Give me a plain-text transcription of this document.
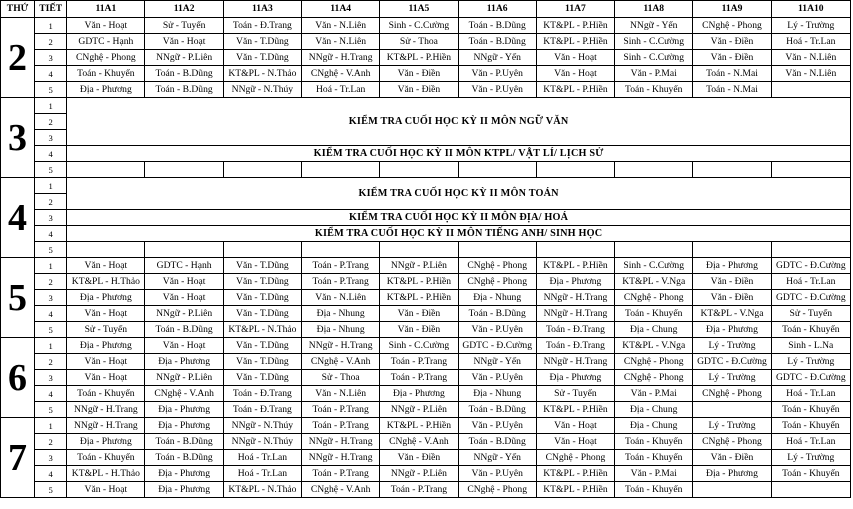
THỨ	TIẾT	11A1	11A2	11A3	11A4	11A5	11A6	11A7	11A8	11A9	11A10
2	1	Văn - Hoạt	Sử - Tuyến	Toán - Đ.Trang	Văn - N.Liên	Sinh - C.Cường	Toán - B.Dũng	KT&PL - P.Hiền	NNgữ - Yến	CNghệ - Phong	Lý - Trường
	2	GDTC - Hạnh	Văn - Hoạt	Văn - T.Dũng	Văn - N.Liên	Sử - Thoa	Toán - B.Dũng	KT&PL - P.Hiền	Sinh - C.Cường	Văn - Điền	Hoá - Tr.Lan
	3	CNghệ - Phong	NNgữ - P.Liên	Văn - T.Dũng	NNgữ - H.Trang	KT&PL - P.Hiền	NNgữ - Yến	Văn - Hoạt	Sinh - C.Cường	Văn - Điền	Văn - N.Liên
	4	Toán - Khuyến	Toán - B.Dũng	KT&PL - N.Thảo	CNghệ - V.Anh	Văn - Điền	Văn - P.Uyên	Văn - Hoạt	Văn - P.Mai	Toán - N.Mai	Văn - N.Liên
	5	Địa - Phương	Toán - B.Dũng	NNgữ - N.Thúy	Hoá - Tr.Lan	Văn - Điền	Văn - P.Uyên	KT&PL - P.Hiền	Toán - Khuyến	Toán - N.Mai	
3	1	KIỂM TRA CUỐI HỌC KỲ II MÔN NGỮ VĂN									
	2										
	3										
	4	KIỂM TRA CUỐI HỌC KỲ II MÔN KTPL/ VẬT LÍ/ LỊCH SỬ									
	5										
4	1	KIỂM TRA CUỐI HỌC KỲ II MÔN TOÁN									
	2										
	3	KIỂM TRA CUỐI HỌC KỲ II MÔN ĐỊA/ HOÁ									
	4	KIỂM TRA CUỐI HỌC KỲ II MÔN TIẾNG ANH/ SINH HỌC									
	5										
5	1	Văn - Hoạt	GDTC - Hạnh	Văn - T.Dũng	Toán - P.Trang	NNgữ - P.Liên	CNghệ - Phong	KT&PL - P.Hiền	Sinh - C.Cường	Địa - Phương	GDTC - Đ.Cường
	2	KT&PL - H.Thảo	Văn - Hoạt	Văn - T.Dũng	Toán - P.Trang	KT&PL - P.Hiền	CNghệ - Phong	Địa - Phương	KT&PL - V.Nga	Văn - Điền	Hoá - Tr.Lan
	3	Địa - Phương	Văn - Hoạt	Văn - T.Dũng	Văn - N.Liên	KT&PL - P.Hiền	Địa - Nhung	NNgữ - H.Trang	CNghệ - Phong	Văn - Điền	GDTC - Đ.Cường
	4	Văn - Hoạt	NNgữ - P.Liên	Văn - T.Dũng	Địa - Nhung	Văn - Điền	Toán - B.Dũng	NNgữ - H.Trang	Toán - Khuyến	KT&PL - V.Nga	Sử - Tuyến
	5	Sử - Tuyến	Toán - B.Dũng	KT&PL - N.Thảo	Địa - Nhung	Văn - Điền	Văn - P.Uyên	Toán - Đ.Trang	Địa - Chung	Địa - Phương	Toán - Khuyến
6	1	Địa - Phương	Văn - Hoạt	Văn - T.Dũng	NNgữ - H.Trang	Sinh - C.Cường	GDTC - Đ.Cường	Toán - Đ.Trang	KT&PL - V.Nga	Lý - Trường	Sinh - L.Na
	2	Văn - Hoạt	Địa - Phương	Văn - T.Dũng	CNghệ - V.Anh	Toán - P.Trang	NNgữ - Yến	NNgữ - H.Trang	CNghệ - Phong	GDTC - Đ.Cường	Lý - Trường
	3	Văn - Hoạt	NNgữ - P.Liên	Văn - T.Dũng	Sử - Thoa	Toán - P.Trang	Văn - P.Uyên	Địa - Phương	CNghệ - Phong	Lý - Trường	GDTC - Đ.Cường
	4	Toán - Khuyến	CNghệ - V.Anh	Toán - Đ.Trang	Văn - N.Liên	Địa - Phương	Địa - Nhung	Sử - Tuyến	Văn - P.Mai	CNghệ - Phong	Hoá - Tr.Lan
	5	NNgữ - H.Trang	Địa - Phương	Toán - Đ.Trang	Toán - P.Trang	NNgữ - P.Liên	Toán - B.Dũng	KT&PL - P.Hiền	Địa - Chung		Toán - Khuyến
7	1	NNgữ - H.Trang	Địa - Phương	NNgữ - N.Thúy	Toán - P.Trang	KT&PL - P.Hiền	Văn - P.Uyên	Văn - Hoạt	Địa - Chung	Lý - Trường	Toán - Khuyến
	2	Địa - Phương	Toán - B.Dũng	NNgữ - N.Thúy	NNgữ - H.Trang	CNghệ - V.Anh	Toán - B.Dũng	Văn - Hoạt	Toán - Khuyến	CNghệ - Phong	Hoá - Tr.Lan
	3	Toán - Khuyến	Toán - B.Dũng	Hoá - Tr.Lan	NNgữ - H.Trang	Văn - Điền	NNgữ - Yến	CNghệ - Phong	Toán - Khuyến	Văn - Điền	Lý - Trường
	4	KT&PL - H.Thảo	Địa - Phương	Hoá - Tr.Lan	Toán - P.Trang	NNgữ - P.Liên	Văn - P.Uyên	KT&PL - P.Hiền	Văn - P.Mai	Địa - Phương	Toán - Khuyến
	5	Văn - Hoạt	Địa - Phương	KT&PL - N.Thảo	CNghệ - V.Anh	Toán - P.Trang	CNghệ - Phong	KT&PL - P.Hiền	Toán - Khuyến		
